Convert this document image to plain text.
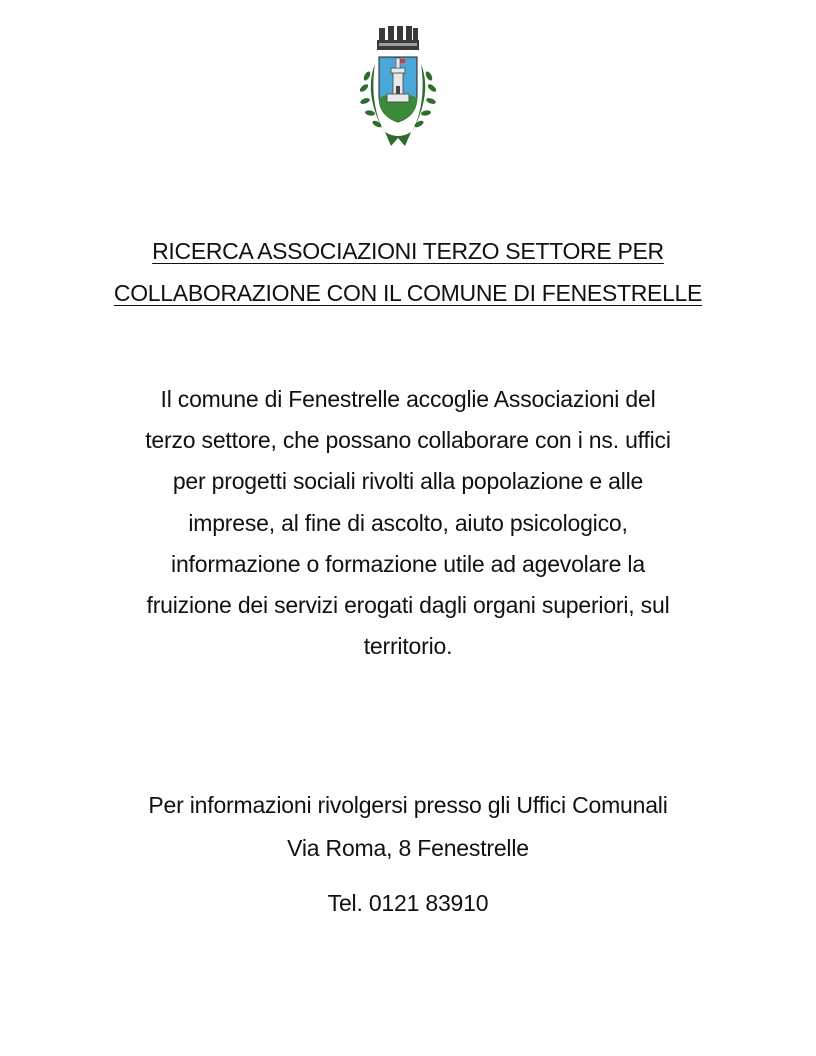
RICERCA ASSOCIAZIONI TERZO SETTORE PER
COLLABORAZIONE CON IL COMUNE DI FENESTRELLE
Il comune di Fenestrelle accoglie Associazioni del
terzo settore, che possano collaborare con i ns. uffici
per progetti sociali rivolti alla popolazione e alle
imprese, al fine di ascolto, aiuto psicologico,
informazione o formazione utile ad agevolare la
fruizione dei servizi erogati dagli organi superiori, sul
territorio.
Per informazioni rivolgersi presso gli Uffici Comunali
Via Roma, 8 Fenestrelle
Tel. 0121 83910
